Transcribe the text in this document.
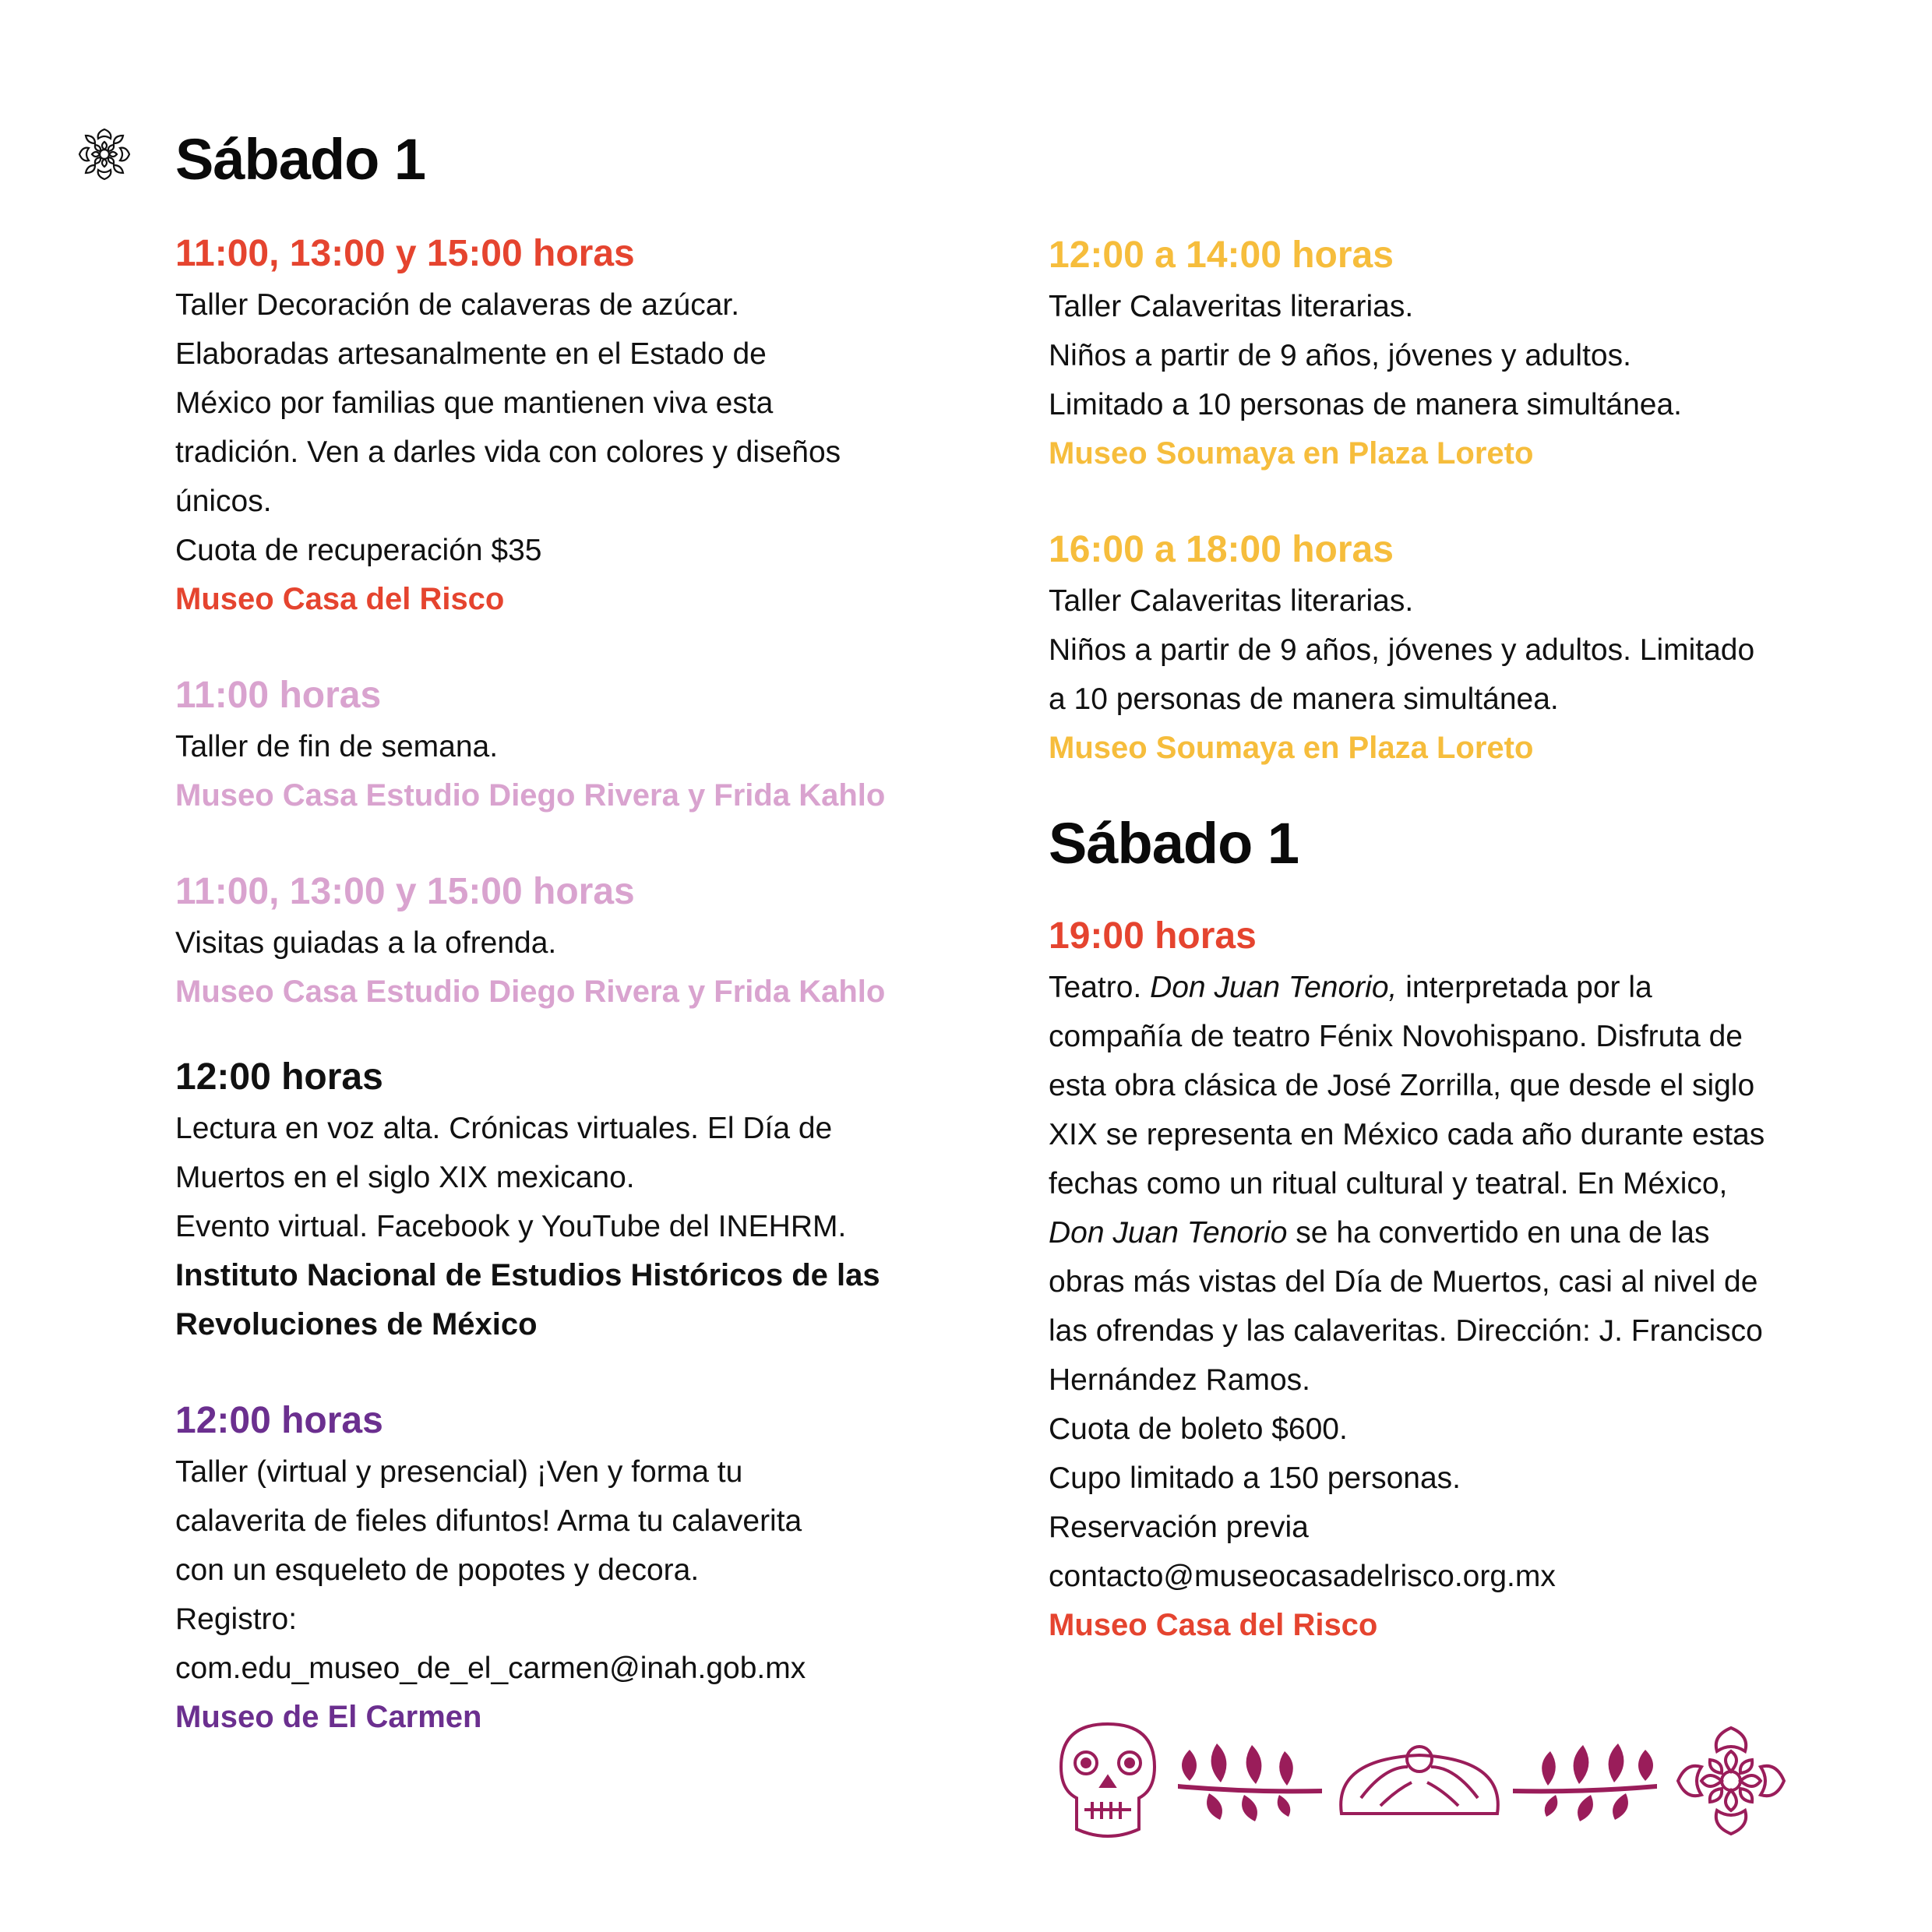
Sábado 1

11:00, 13:00 y 15:00 horas

Taller Decoración de calaveras de azúcar.

Elaboradas artesanalmente en el Estado de

México por familias que mantienen viva esta

tradición. Ven a darles vida con colores y diseños

únicos.

Cuota de recuperación $35

Museo Casa del Risco

11:00 horas

Taller de fin de semana.

Museo Casa Estudio Diego Rivera y Frida Kahlo

11:00, 13:00 y 15:00 horas

Visitas guiadas a la ofrenda.

Museo Casa Estudio Diego Rivera y Frida Kahlo

12:00 horas

Lectura en voz alta. Crónicas virtuales. El Día de

Muertos en el siglo XIX mexicano.

Evento virtual. Facebook y YouTube del INEHRM.

Instituto Nacional de Estudios Históricos de las

Revoluciones de México

12:00 horas

Taller (virtual y presencial) ¡Ven y forma tu

calaverita de fieles difuntos! Arma tu calaverita

con un esqueleto de popotes y decora.

Registro:

com.edu_museo_de_el_carmen@inah.gob.mx

Museo de El Carmen

12:00 a 14:00 horas

Taller Calaveritas literarias.

Niños a partir de 9 años, jóvenes y adultos.

Limitado a 10 personas de manera simultánea.

Museo Soumaya en Plaza Loreto

16:00 a 18:00 horas

Taller Calaveritas literarias.

Niños a partir de 9 años, jóvenes y adultos. Limitado

a 10 personas de manera simultánea.

Museo Soumaya en Plaza Loreto

Sábado 1

19:00 horas

Teatro. Don Juan Tenorio, interpretada por la

compañía de teatro Fénix Novohispano. Disfruta de

esta obra clásica de José Zorrilla, que desde el siglo

XIX se representa en México cada año durante estas

fechas como un ritual cultural y teatral. En México,

Don Juan Tenorio se ha convertido en una de las

obras más vistas del Día de Muertos, casi al nivel de

las ofrendas y las calaveritas. Dirección: J. Francisco

Hernández Ramos.

Cuota de boleto $600.

Cupo limitado a 150 personas.

Reservación previa

contacto@museocasadelrisco.org.mx

Museo Casa del Risco
